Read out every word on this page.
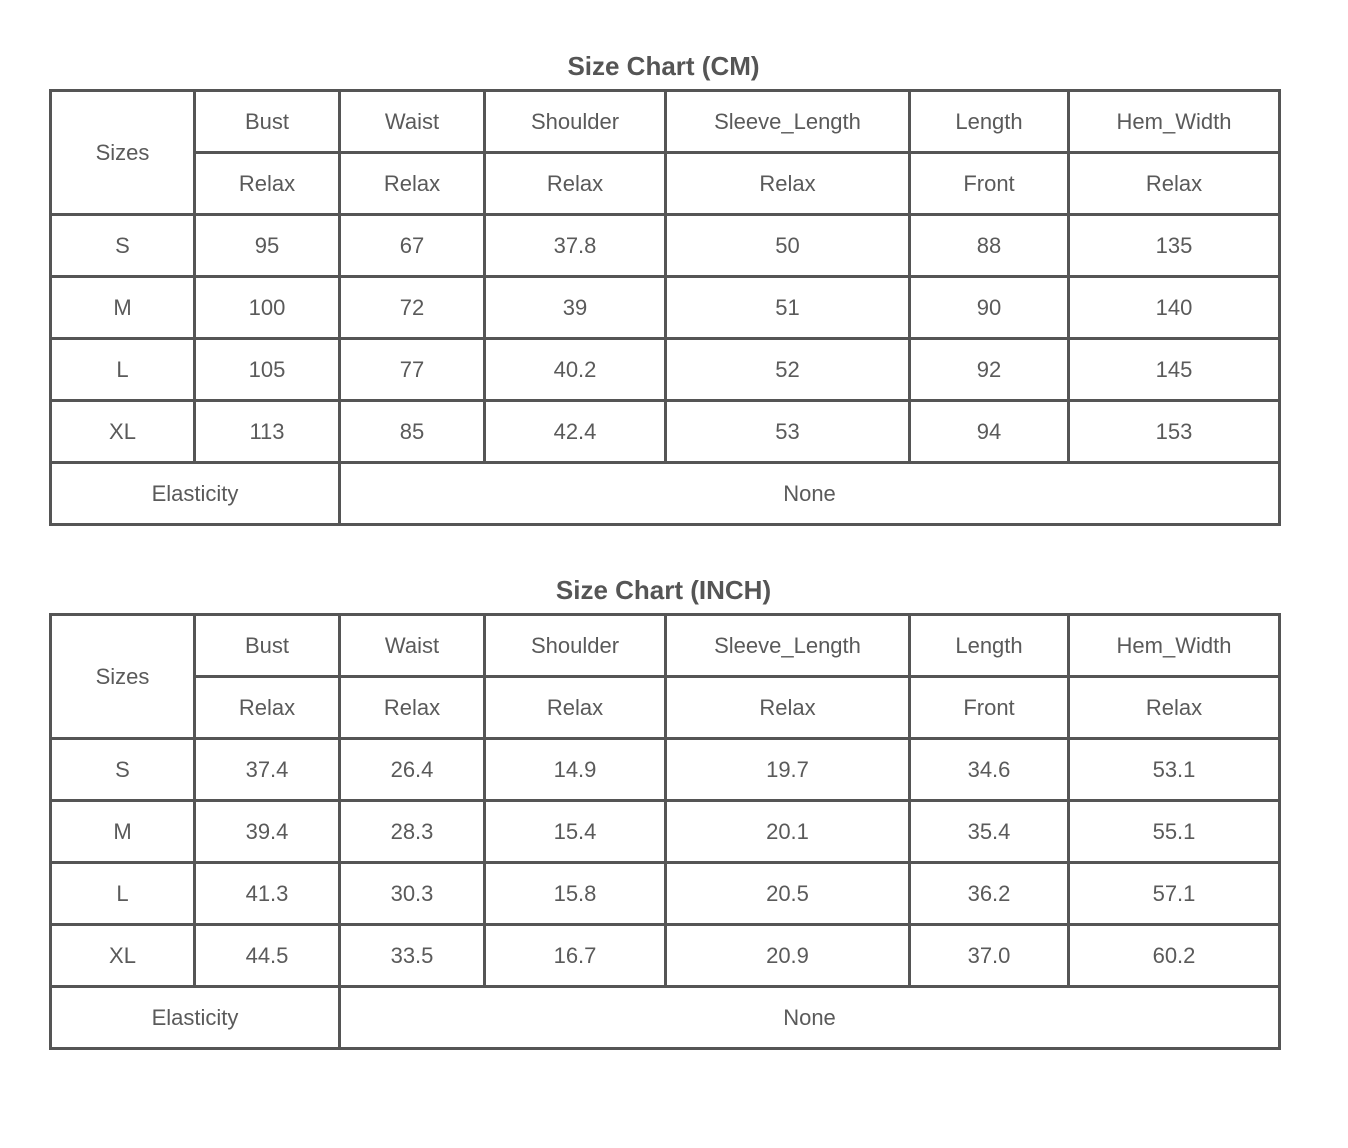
Size Chart (CM)
Sizes	Bust	Waist	Shoulder	Sleeve_Length	Length	Hem_Width
	Relax	Relax	Relax	Relax	Front	Relax
S	95	67	37.8	50	88	135
M	100	72	39	51	90	140
L	105	77	40.2	52	92	145
XL	113	85	42.4	53	94	153
Elasticity		None				
Size Chart (INCH)
Sizes	Bust	Waist	Shoulder	Sleeve_Length	Length	Hem_Width
	Relax	Relax	Relax	Relax	Front	Relax
S	37.4	26.4	14.9	19.7	34.6	53.1
M	39.4	28.3	15.4	20.1	35.4	55.1
L	41.3	30.3	15.8	20.5	36.2	57.1
XL	44.5	33.5	16.7	20.9	37.0	60.2
Elasticity		None				
